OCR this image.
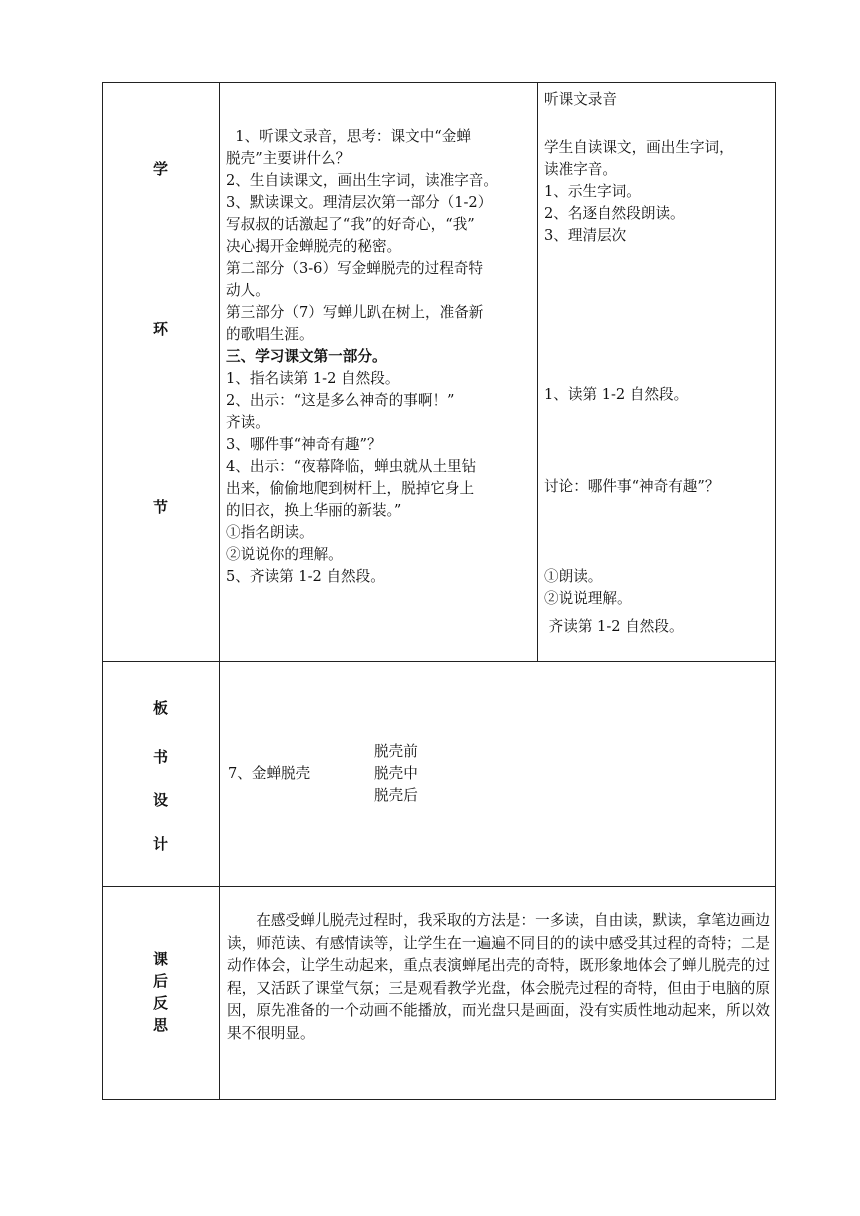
学
环
节
1、听课文录音，思考：课文中“金蝉
脱壳”主要讲什么？
2、生自读课文，画出生字词，读准字音。
3、默读课文。理清层次第一部分（1-2）
写叔叔的话激起了“我”的好奇心，“我”
决心揭开金蝉脱壳的秘密。
第二部分（3-6）写金蝉脱壳的过程奇特
动人。
第三部分（7）写蝉儿趴在树上，准备新
的歌唱生涯。
三、学习课文第一部分。
1、指名读第 1-2 自然段。
2、出示：“这是多么神奇的事啊！”
齐读。
3、哪件事“神奇有趣”？
4、出示：“夜幕降临，蝉虫就从土里钻
出来，偷偷地爬到树杆上，脱掉它身上
的旧衣，换上华丽的新装。”
①指名朗读。
②说说你的理解。
5、齐读第 1-2 自然段。
听课文录音
学生自读课文，画出生字词，
读准字音。
1、示生字词。
2、名逐自然段朗读。
3、理清层次
1、读第 1-2 自然段。
讨论：哪件事“神奇有趣”？
①朗读。
②说说理解。
齐读第 1-2 自然段。
板
书
设
计
7、金蝉脱壳
脱壳前
脱壳中
脱壳后
课
后
反
思
在感受蝉儿脱壳过程时，我采取的方法是：一多读，自由读，默读，拿笔边画边读，师范读、有感情读等，让学生在一遍遍不同目的的读中感受其过程的奇特；二是动作体会，让学生动起来，重点表演蝉尾出壳的奇特，既形象地体会了蝉儿脱壳的过程，又活跃了课堂气氛；三是观看教学光盘，体会脱壳过程的奇特，但由于电脑的原因，原先准备的一个动画不能播放，而光盘只是画面，没有实质性地动起来，所以效果不很明显。
